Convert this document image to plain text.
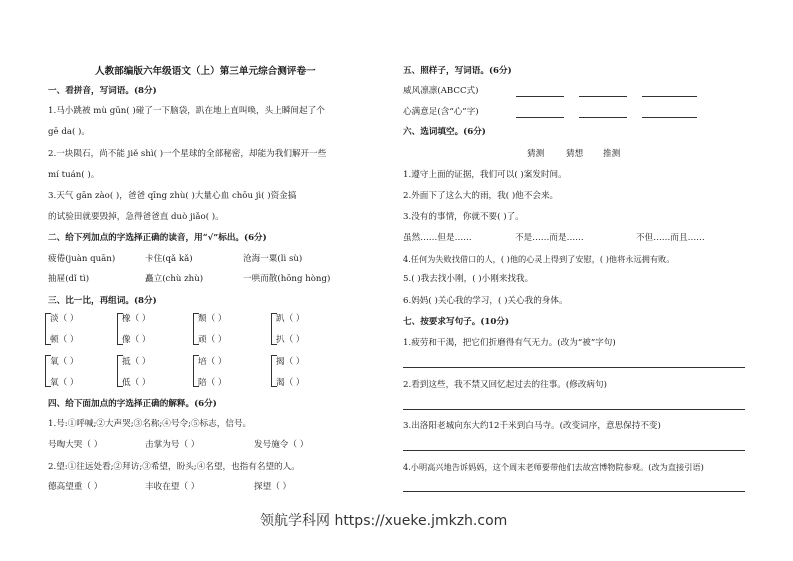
人教部编版六年级语文（上）第三单元综合测评卷一
一、看拼音，写词语。(8分)
1.马小跳被 mù gūn( )碰了一下脑袋，趴在地上直叫唤，头上瞬间起了个
gē da( )。
2.一块陨石，尚不能 jiě shì( )一个星球的全部秘密，却能为我们解开一些
mí tuán( )。
3.天气 gān zào( )，爸爸 qīng zhù( )大量心血 chōu jì( )资金搞
的试验田就要毁掉，急得爸爸直 duò jiǎo( )。
二、给下列加点的字选择正确的读音，用“√”标出。(6分)
疲倦(juàn quān)	卡住(qǎ kǎ)	沧海一粟(lì sù)
抽屉(dǐ tì)	矗立(chù zhù)	一哄而散(hōng hòng)
三、比一比，再组词。(8分)
淡（ ）	橡（ ）	颓（ ）	趴（ ）
顿（ ）	像（ ）	顽（ ）	扒（ ）
氧（ ）	抵（ ）	培（ ）	揭（ ）
氧（ ）	低（ ）	陪（ ）	渴（ ）
四、给下面加点的字选择正确的解释。(6分)
1.号:①呼喊;②大声哭;③名称;④号令;⑤标志，信号。
号啕大哭（ ）	击掌为号（ ）	发号施令（ ）
2.望:①往远处看;②拜访;③希望，盼头;④名望，也指有名望的人。
德高望重（ ）	丰收在望（ ）	探望（ ）
五、照样子，写词语。(6分)
威风凛凛(ABCC式)
心满意足(含“心”字)
六、选词填空。(6分)
猜测	猜想 推测
1.遵守上面的证据，我们可以( )案发时间。
2.外面下了这么大的雨，我( )他不会来。
3.没有的事情，你就不要( )了。
虽然……但是……	不是……而是……	不但……而且……
4.任何为失败找借口的人，( )他的心灵上得到了安慰，( )他将永远拥有败。
5.( )我去找小刚，( )小刚来找我。
6.妈妈( )关心我的学习，( )关心我的身体。
七、按要求写句子。(10分)
1.疲劳和干渴，把它们折磨得有气无力。(改为“被”字句)
2.看到这些，我不禁又回忆起过去的往事。(修改病句)
3.出洛阳老城向东大约12千米到白马寺。(改变词序，意思保持不变)
4.小明高兴地告诉妈妈，这个周末老师要带他们去故宫博物院参观。(改为直接引语)
领航学科网 https://xueke.jmkzh.com
